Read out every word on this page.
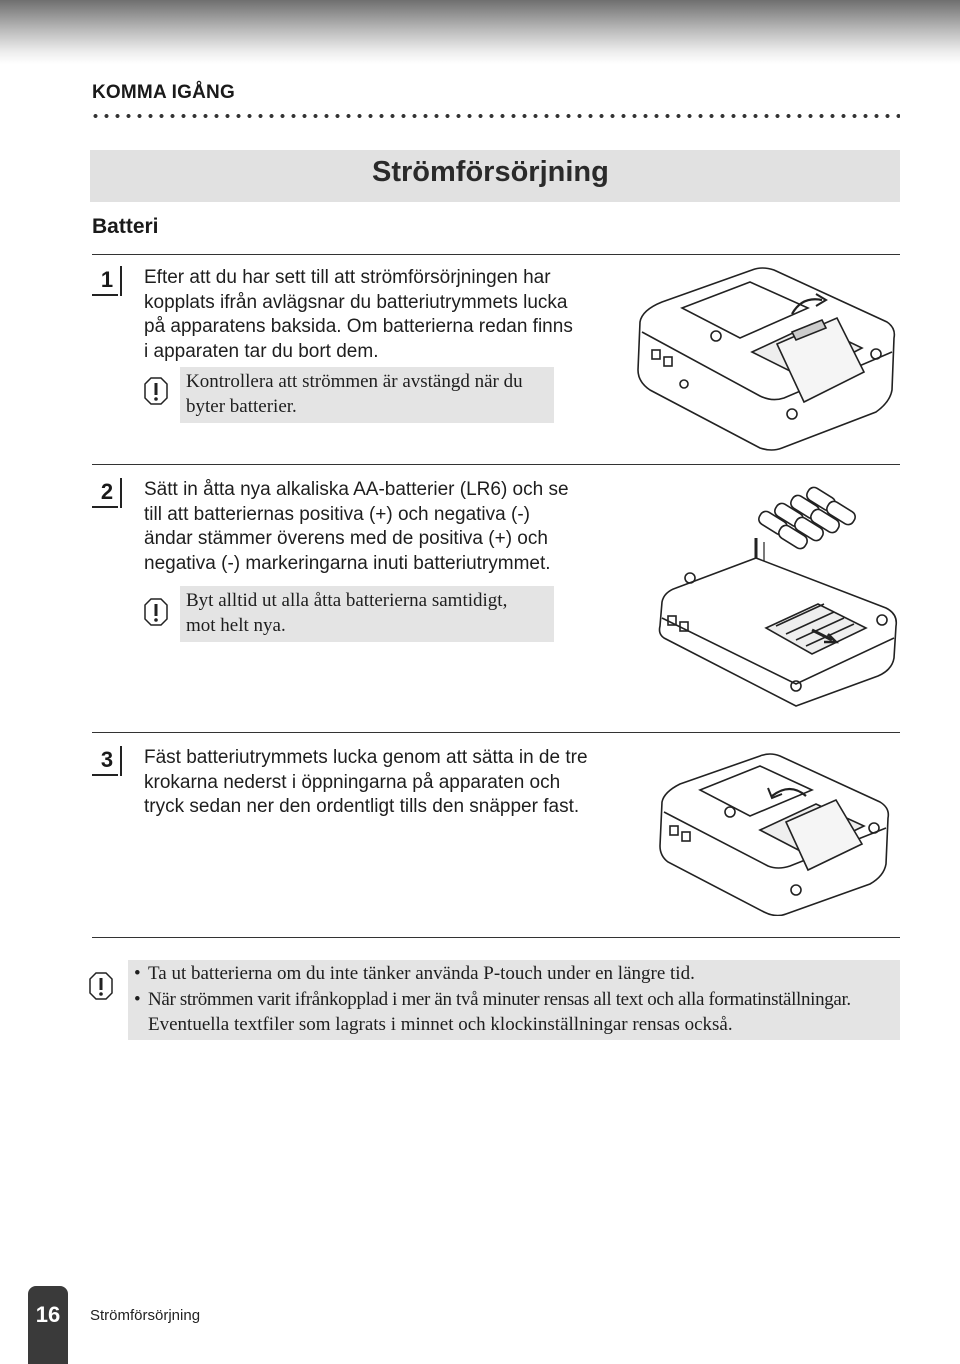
KOMMA IGÅNG
Strömförsörjning
Batteri
1	Efter att du har sett till att strömförsörjningen har
kopplats ifrån avlägsnar du batteriutrymmets lucka
på apparatens baksida. Om batterierna redan finns
i apparaten tar du bort dem.
Kontrollera att strömmen är avstängd när du
byter batterier.
2	Sätt in åtta nya alkaliska AA-batterier (LR6) och se
till att batteriernas positiva (+) och negativa (-)
ändar stämmer överens med de positiva (+) och
negativa (-) markeringarna inuti batteriutrymmet.
Byt alltid ut alla åtta batterierna samtidigt,
mot helt nya.
3	Fäst batteriutrymmets lucka genom att sätta in de tre
krokarna nederst i öppningarna på apparaten och
tryck sedan ner den ordentligt tills den snäpper fast.
• Ta ut batterierna om du inte tänker använda P-touch under en längre tid.
• När strömmen varit ifrånkopplad i mer än två minuter rensas all text och alla formatinställningar.
Eventuella textfiler som lagrats i minnet och klockinställningar rensas också.
16	Strömförsörjning
